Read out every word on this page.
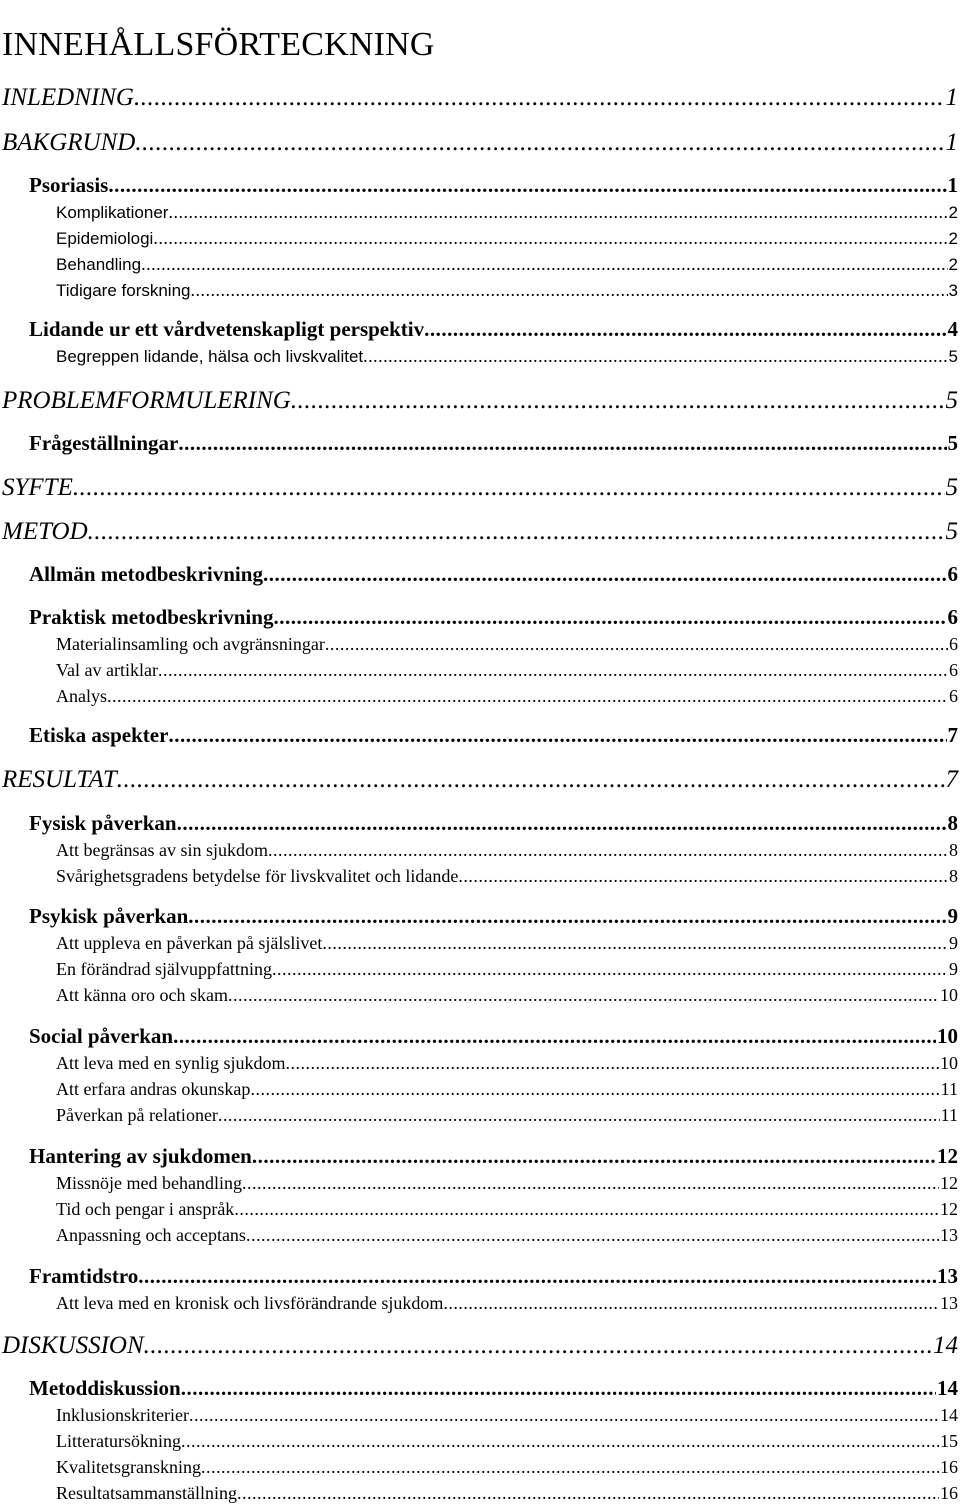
INNEHÅLLSFÖRTECKNING
INLEDNING .....	1
BAKGRUND .....	1
Psoriasis .....	1
Komplikationer .....	2
Epidemiologi .....	2
Behandling .....	2
Tidigare forskning .....	3
Lidande ur ett vårdvetenskapligt perspektiv .....	4
Begreppen lidande, hälsa och livskvalitet .....	5
PROBLEMFORMULERING .....	5
Frågeställningar .....	5
SYFTE .....	5
METOD .....	5
Allmän metodbeskrivning .....	6
Praktisk metodbeskrivning .....	6
Materialinsamling och avgränsningar .....	6
Val av artiklar .....	6
Analys .....	6
Etiska aspekter .....	7
RESULTAT .....	7
Fysisk påverkan .....	8
Att begränsas av sin sjukdom .....	8
Svårighetsgradens betydelse för livskvalitet och lidande .....	8
Psykisk påverkan .....	9
Att uppleva en påverkan på själslivet .....	9
En förändrad självuppfattning .....	9
Att känna oro och skam .....	10
Social påverkan .....	10
Att leva med en synlig sjukdom .....	10
Att erfara andras okunskap .....	11
Påverkan på relationer .....	11
Hantering av sjukdomen .....	12
Missnöje med behandling .....	12
Tid och pengar i anspråk .....	12
Anpassning och acceptans .....	13
Framtidstro .....	13
Att leva med en kronisk och livsförändrande sjukdom .....	13
DISKUSSION .....	14
Metoddiskussion .....	14
Inklusionskriterier .....	14
Litteratursökning .....	15
Kvalitetsgranskning .....	16
Resultatsammanställning .....	16
